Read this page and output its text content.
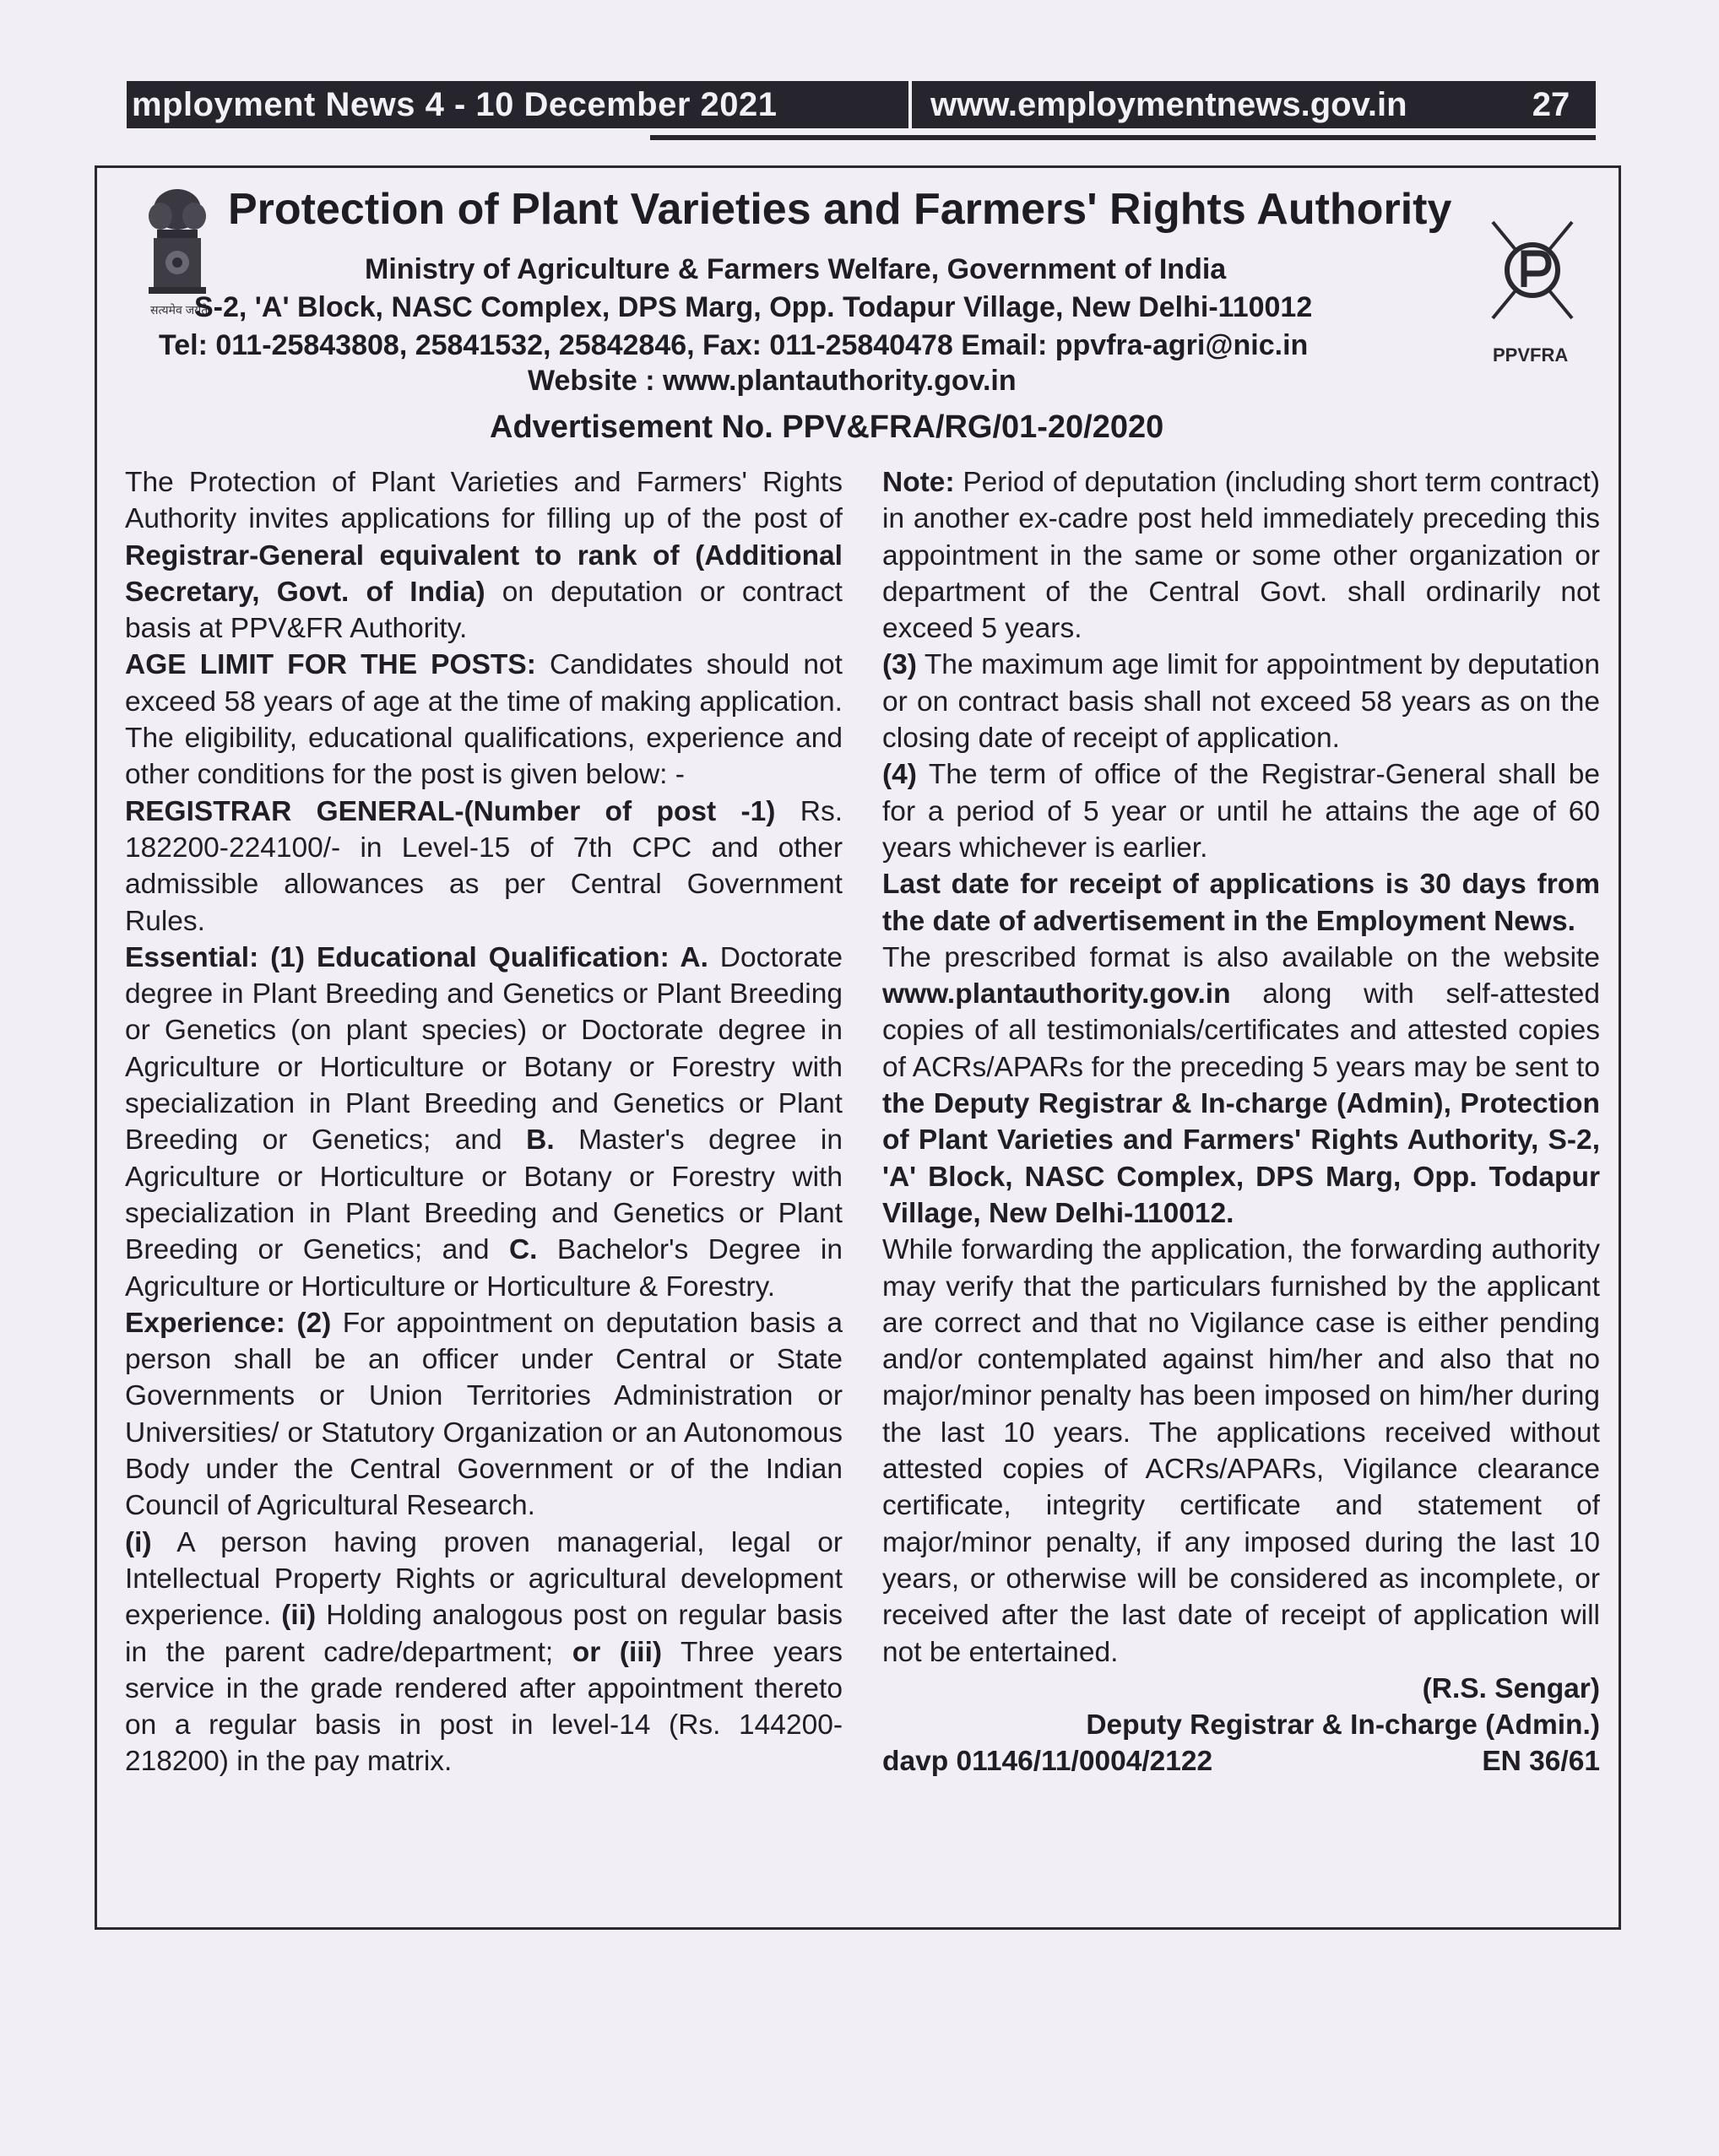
mployment News 4 - 10 December 2021	www.employmentnews.gov.in	27
सत्यमेव जयते
PPVFRA
Protection of Plant Varieties and Farmers' Rights Authority
Ministry of Agriculture & Farmers Welfare, Government of India
S-2, 'A' Block, NASC Complex, DPS Marg, Opp. Todapur Village, New Delhi-110012
Tel: 011-25843808, 25841532, 25842846, Fax: 011-25840478 Email: ppvfra-agri@nic.in
Website : www.plantauthority.gov.in
Advertisement No. PPV&FRA/RG/01-20/2020

The Protection of Plant Varieties and Farmers' Rights Authority invites applications for filling up of the post of Registrar-General equivalent to rank of (Additional Secretary, Govt. of India) on deputation or contract basis at PPV&FR Authority.

AGE LIMIT FOR THE POSTS: Candidates should not exceed 58 years of age at the time of making application. The eligibility, educational qualifications, experience and other conditions for the post is given below: -

REGISTRAR GENERAL-(Number of post -1) Rs. 182200-224100/- in Level-15 of 7th CPC and other admissible allowances as per Central Government Rules.

Essential: (1) Educational Qualification: A. Doctorate degree in Plant Breeding and Genetics or Plant Breeding or Genetics (on plant species) or Doctorate degree in Agriculture or Horticulture or Botany or Forestry with specialization in Plant Breeding and Genetics or Plant Breeding or Genetics; and B. Master's degree in Agriculture or Horticulture or Botany or Forestry with specialization in Plant Breeding and Genetics or Plant Breeding or Genetics; and C. Bachelor's Degree in Agriculture or Horticulture or Horticulture & Forestry.

Experience: (2) For appointment on deputation basis a person shall be an officer under Central or State Governments or Union Territories Administration or Universities/ or Statutory Organization or an Autonomous Body under the Central Government or of the Indian Council of Agricultural Research.

(i) A person having proven managerial, legal or Intellectual Property Rights or agricultural development experience. (ii) Holding analogous post on regular basis in the parent cadre/department; or (iii) Three years service in the grade rendered after appointment thereto on a regular basis in post in level-14 (Rs. 144200-218200) in the pay matrix.

Note: Period of deputation (including short term contract) in another ex-cadre post held immediately preceding this appointment in the same or some other organization or department of the Central Govt. shall ordinarily not exceed 5 years.

(3) The maximum age limit for appointment by deputation or on contract basis shall not exceed 58 years as on the closing date of receipt of application.

(4) The term of office of the Registrar-General shall be for a period of 5 year or until he attains the age of 60 years whichever is earlier.

Last date for receipt of applications is 30 days from the date of advertisement in the Employment News.

The prescribed format is also available on the website www.plantauthority.gov.in along with self-attested copies of all testimonials/certificates and attested copies of ACRs/APARs for the preceding 5 years may be sent to the Deputy Registrar & In-charge (Admin), Protection of Plant Varieties and Farmers' Rights Authority, S-2, 'A' Block, NASC Complex, DPS Marg, Opp. Todapur Village, New Delhi-110012.

While forwarding the application, the forwarding authority may verify that the particulars furnished by the applicant are correct and that no Vigilance case is either pending and/or contemplated against him/her and also that no major/minor penalty has been imposed on him/her during the last 10 years. The applications received without attested copies of ACRs/APARs, Vigilance clearance certificate, integrity certificate and statement of major/minor penalty, if any imposed during the last 10 years, or otherwise will be considered as incomplete, or received after the last date of receipt of application will not be entertained.

(R.S. Sengar)

Deputy Registrar & In-charge (Admin.)

davp 01146/11/0004/2122	EN 36/61
